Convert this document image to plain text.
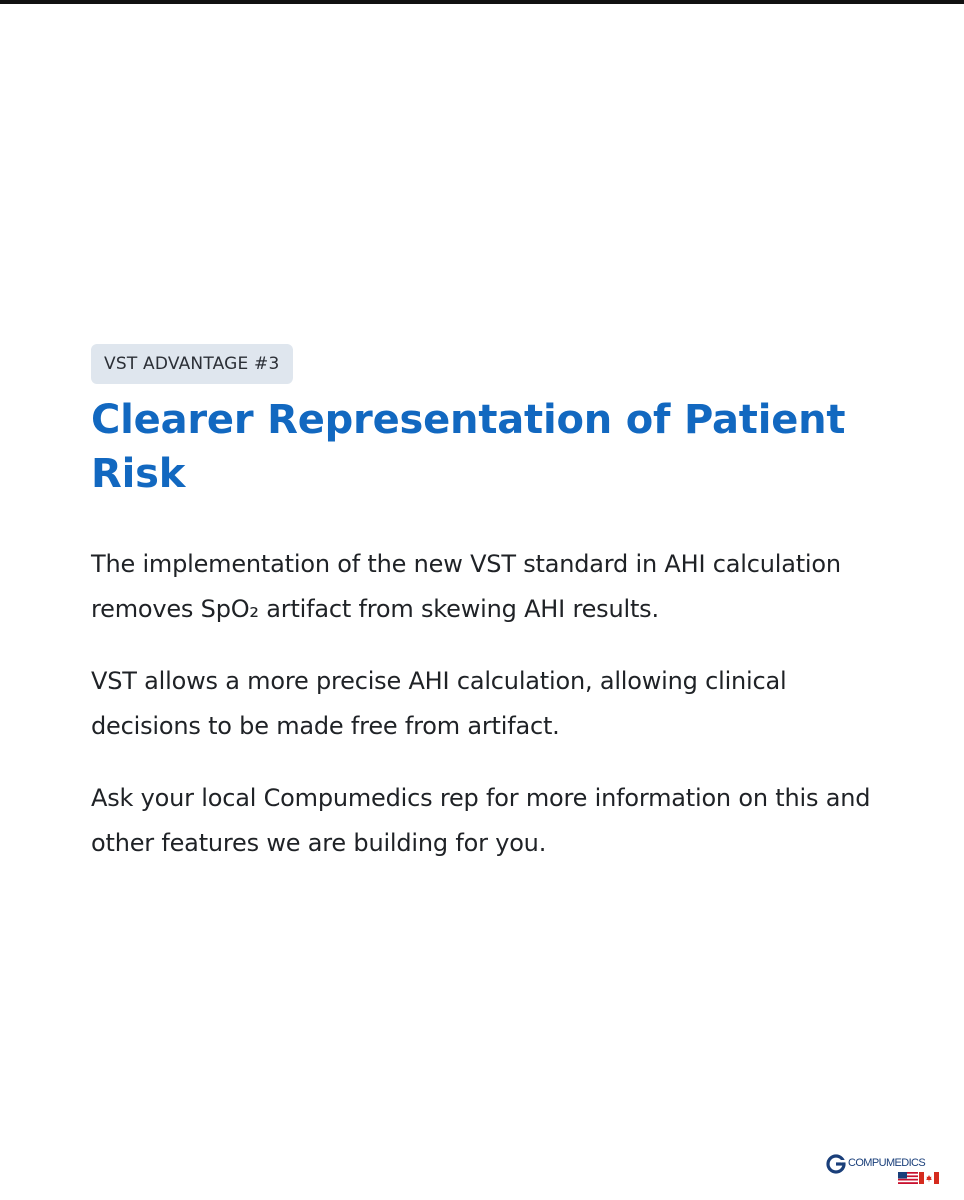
VST ADVANTAGE #3
Clearer Representation of Patient Risk

The implementation of the new VST standard in AHI calculation removes SpO₂ artifact from skewing AHI results.

VST allows a more precise AHI calculation, allowing clinical decisions to be made free from artifact.

Ask your local Compumedics rep for more information on this and other features we are building for you.

COMPUMEDICS
